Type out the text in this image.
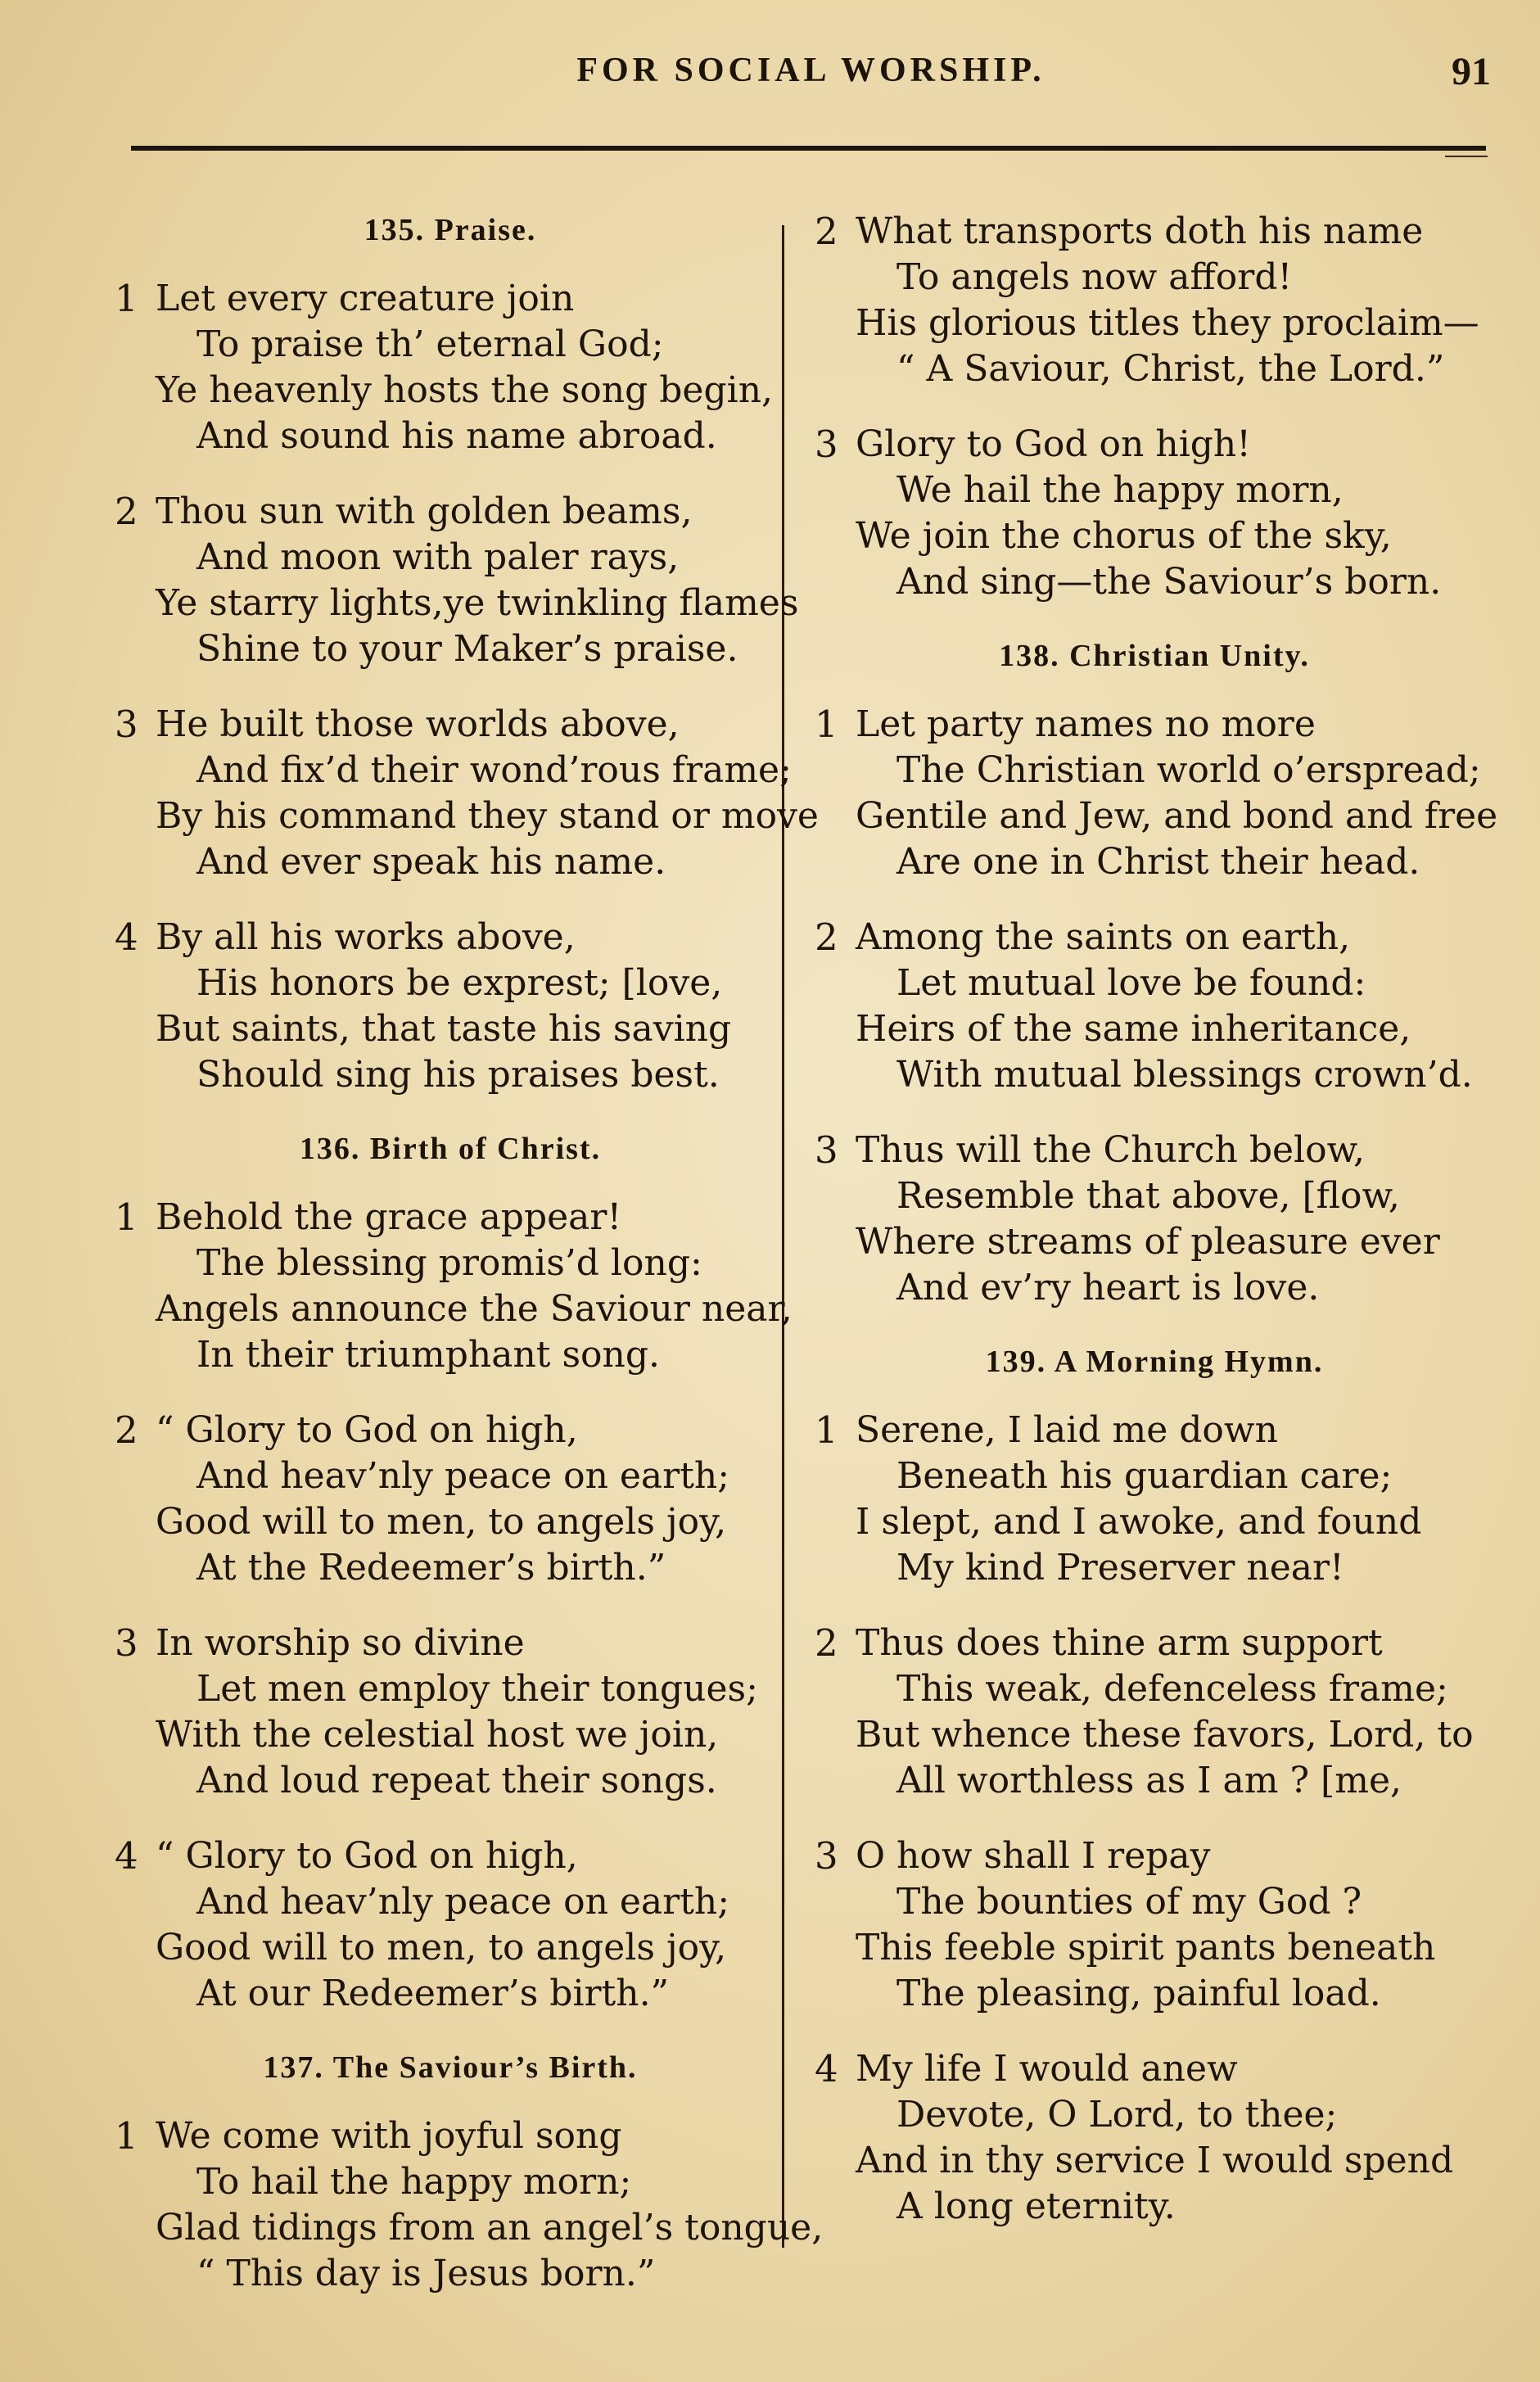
FOR SOCIAL WORSHIP.	91
135. Praise.
1 Let every creature join
To praise th’ eternal God;
Ye heavenly hosts the song begin,
And sound his name abroad.
2 Thou sun with golden beams,
And moon with paler rays,
Ye starry lights,ye twinkling flames
Shine to your Maker’s praise.
3 He built those worlds above,
And fix’d their wond’rous frame;
By his command they stand or move
And ever speak his name.
4 By all his works above,
His honors be exprest; [love,
But saints, that taste his saving
Should sing his praises best.
136. Birth of Christ.
1 Behold the grace appear!
The blessing promis’d long:
Angels announce the Saviour near,
In their triumphant song.
2 “ Glory to God on high,
And heav’nly peace on earth;
Good will to men, to angels joy,
At the Redeemer’s birth.”
3 In worship so divine
Let men employ their tongues;
With the celestial host we join,
And loud repeat their songs.
4 “ Glory to God on high,
And heav’nly peace on earth;
Good will to men, to angels joy,
At our Redeemer’s birth.”
137. The Saviour’s Birth.
1 We come with joyful song
To hail the happy morn;
Glad tidings from an angel’s tongue,
“ This day is Jesus born.”
2 What transports doth his name
To angels now afford!
His glorious titles they proclaim—
“ A Saviour, Christ, the Lord.”
3 Glory to God on high!
We hail the happy morn,
We join the chorus of the sky,
And sing—the Saviour’s born.
138. Christian Unity.
1 Let party names no more
The Christian world o’erspread;
Gentile and Jew, and bond and free
Are one in Christ their head.
2 Among the saints on earth,
Let mutual love be found:
Heirs of the same inheritance,
With mutual blessings crown’d.
3 Thus will the Church below,
Resemble that above, [flow,
Where streams of pleasure ever
And ev’ry heart is love.
139. A Morning Hymn.
1 Serene, I laid me down
Beneath his guardian care;
I slept, and I awoke, and found
My kind Preserver near!
2 Thus does thine arm support
This weak, defenceless frame;
But whence these favors, Lord, to
All worthless as I am ? [me,
3 O how shall I repay
The bounties of my God ?
This feeble spirit pants beneath
The pleasing, painful load.
4 My life I would anew
Devote, O Lord, to thee;
And in thy service I would spend
A long eternity.
